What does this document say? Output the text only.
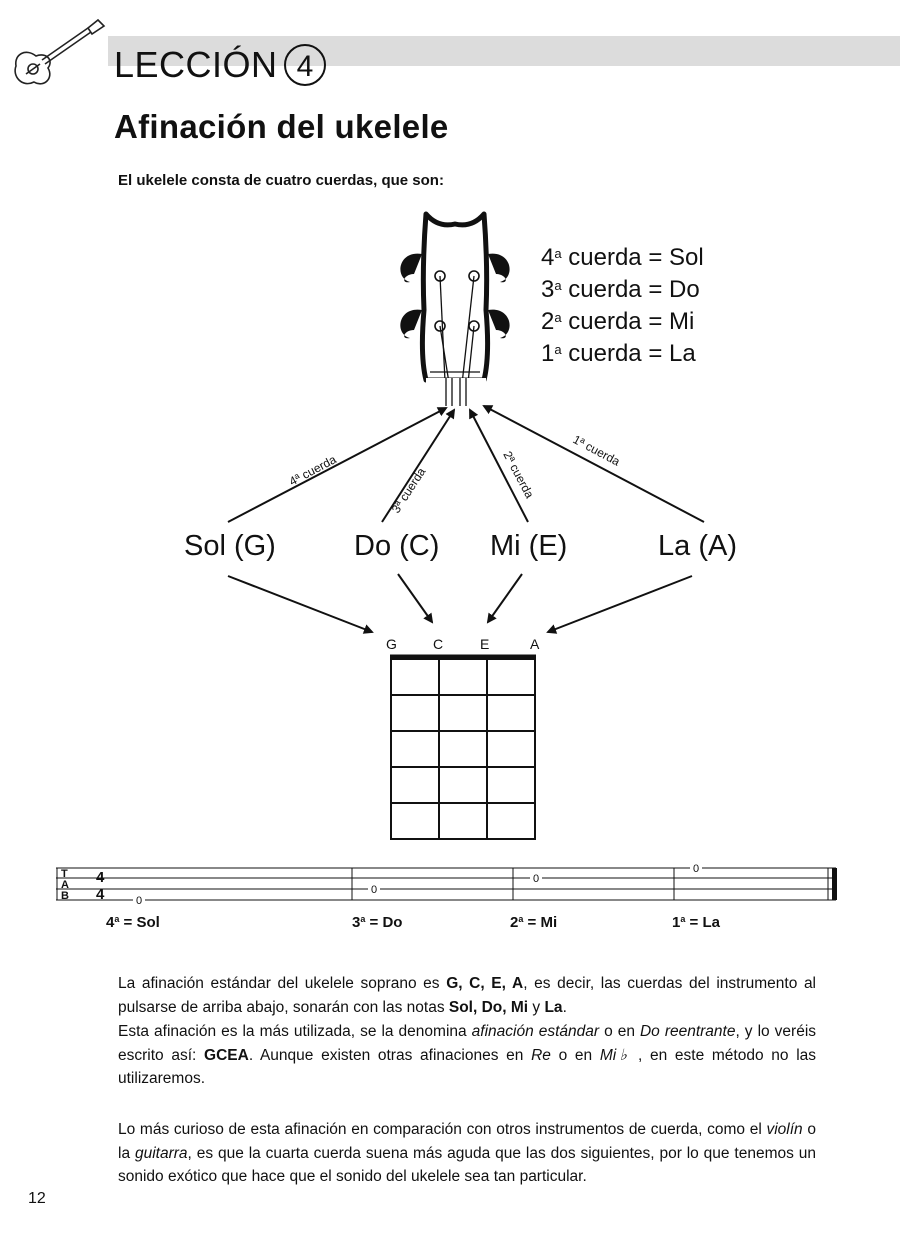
LECCIÓN 4
Afinación del ukelele
El ukelele consta de cuatro cuerdas, que son:
4$^a$ cuerda = Sol
3$^a$ cuerda = Do
2$^a$ cuerda = Mi
1$^a$ cuerda = La
4ª cuerda	3ª cuerda	2ª cuerda	1ª cuerda
Sol (G)	Do (C) Mi (E)	La (A)
G	C	E	A
T
A
B
4
4	0
0
0
0
$4^a$ = Sol	$3^a = Do$	$2^a = Mi$	$1^a = La$
La afinación estándar del ukelele soprano es G, C, E, A, es decir, las cuerdas del instrumento al pulsarse de arriba abajo, sonarán con las notas Sol, Do, Mi y La.
Esta afinación es la más utilizada, se la denomina afinación estándar o en Do reentrante, y lo veréis escrito así: GCEA. Aunque existen otras afinaciones en Re o en Mi♭ , en este método no las utilizaremos.
Lo más curioso de esta afinación en comparación con otros instrumentos de cuerda, como el violín o la guitarra, es que la cuarta cuerda suena más aguda que las dos siguientes, por lo que tenemos un sonido exótico que hace que el sonido del ukelele sea tan particular.
12
